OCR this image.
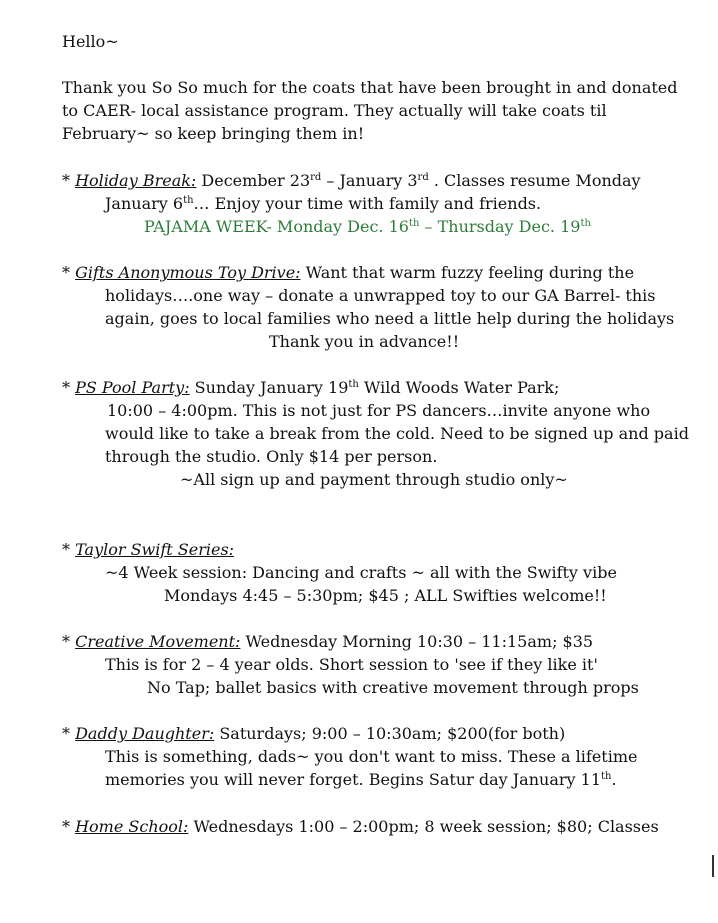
Hello~
Thank you So So much for the coats that have been brought in and donated
to CAER- local assistance program. They actually will take coats til
February~ so keep bringing them in!
* Holiday Break: December 23rd – January 3rd . Classes resume Monday
January 6th… Enjoy your time with family and friends.
PAJAMA WEEK- Monday Dec. 16th – Thursday Dec. 19th
* Gifts Anonymous Toy Drive: Want that warm fuzzy feeling during the
holidays….one way – donate a unwrapped toy to our GA Barrel- this
again, goes to local families who need a little help during the holidays
Thank you in advance!!
* PS Pool Party: Sunday January 19th Wild Woods Water Park;
10:00 – 4:00pm. This is not just for PS dancers…invite anyone who
would like to take a break from the cold. Need to be signed up and paid
through the studio. Only $14 per person.
~All sign up and payment through studio only~
* Taylor Swift Series:
~4 Week session: Dancing and crafts ~ all with the Swifty vibe
Mondays 4:45 – 5:30pm; $45 ; ALL Swifties welcome!!
* Creative Movement: Wednesday Morning 10:30 – 11:15am; $35
This is for 2 – 4 year olds. Short session to 'see if they like it'
No Tap; ballet basics with creative movement through props
* Daddy Daughter: Saturdays; 9:00 – 10:30am; $200(for both)
This is something, dads~ you don't want to miss. These a lifetime
memories you will never forget. Begins Satur day January 11th.
* Home School: Wednesdays 1:00 – 2:00pm; 8 week session; $80; Classes
